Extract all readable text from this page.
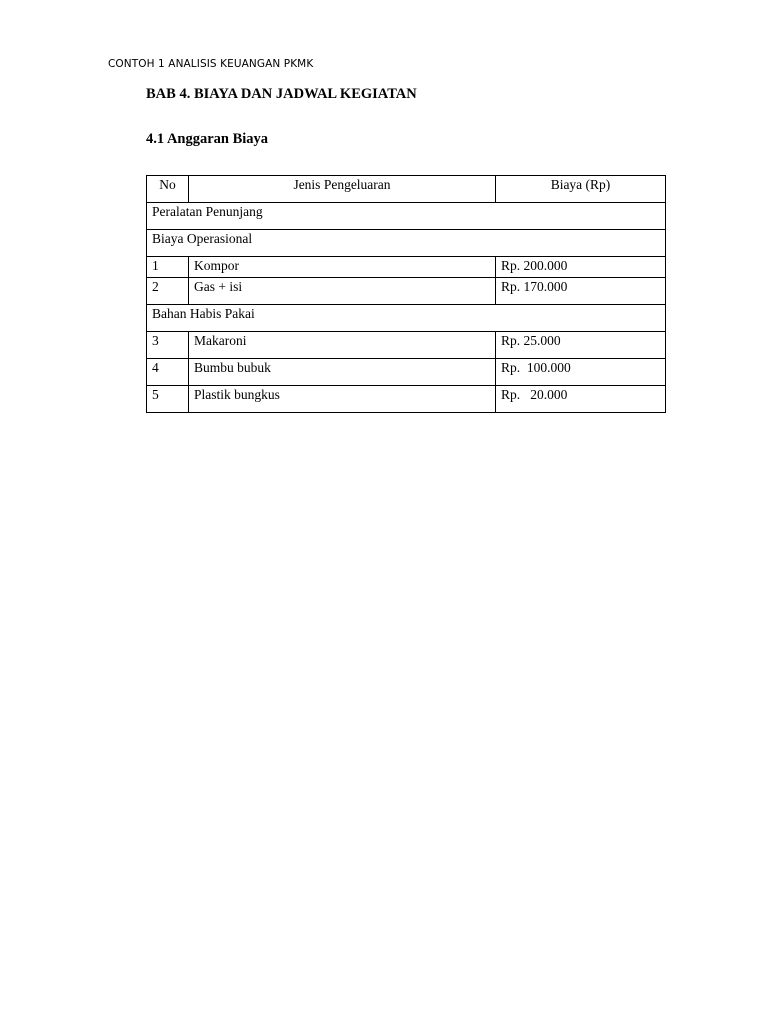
CONTOH 1 ANALISIS KEUANGAN PKMK
BAB 4. BIAYA DAN JADWAL KEGIATAN
4.1 Anggaran Biaya
No	Jenis Pengeluaran	Biaya (Rp)
Peralatan Penunjang		
Biaya Operasional		
1	Kompor	Rp. 200.000
2	Gas + isi	Rp. 170.000
Bahan Habis Pakai		
3	Makaroni	Rp. 25.000
4	Bumbu bubuk	Rp.  100.000
5	Plastik bungkus	Rp.   20.000
